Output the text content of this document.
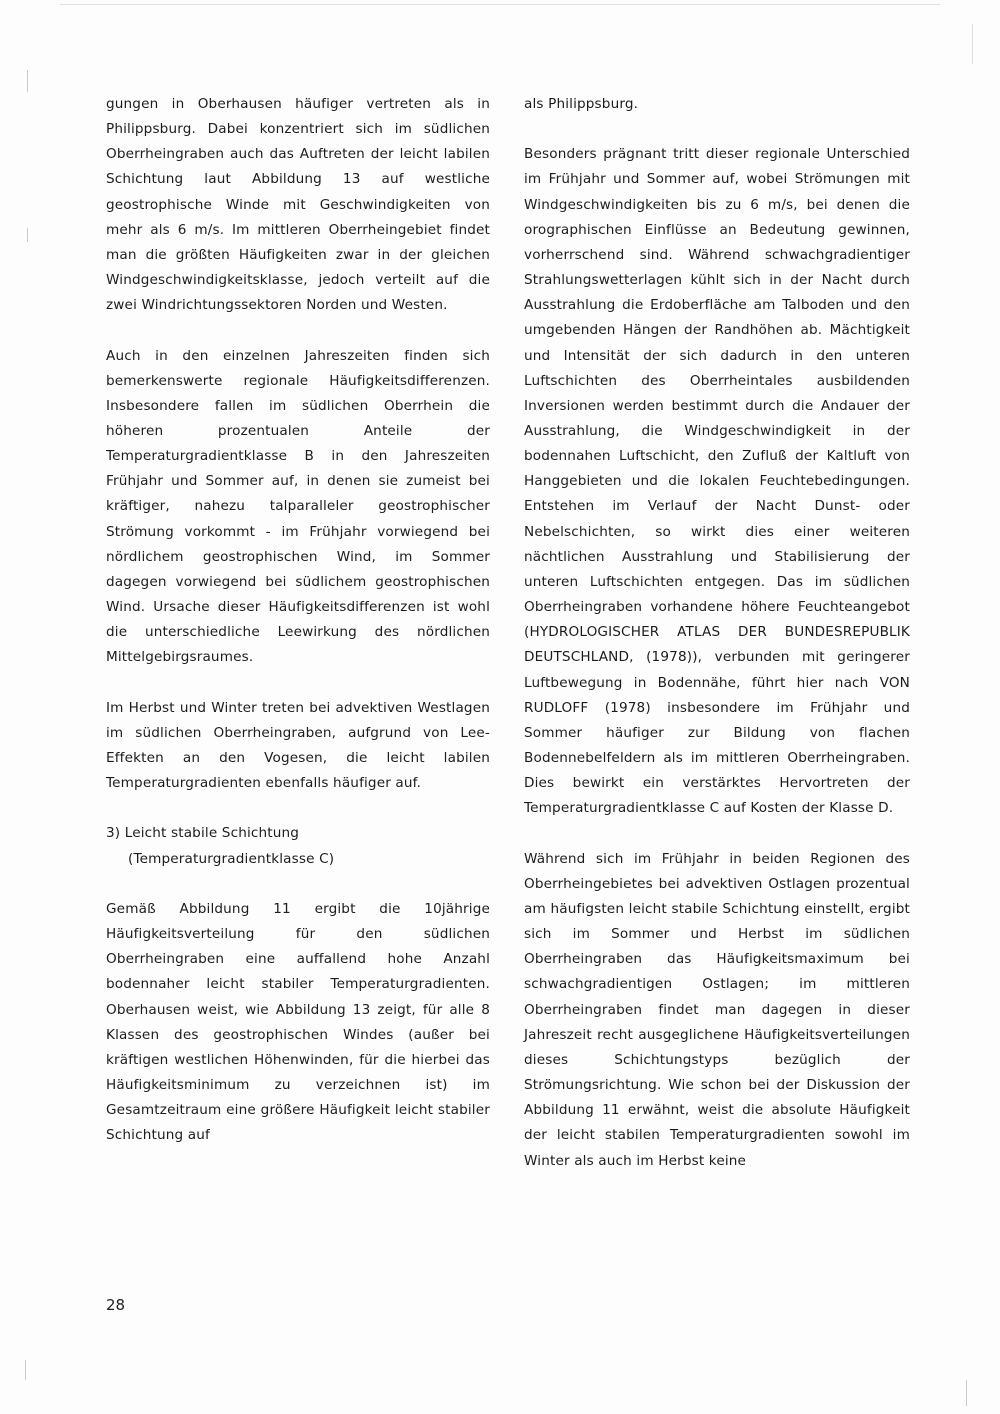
gungen in Oberhausen häufiger vertreten als in Philippsburg. Dabei konzentriert sich im südlichen Oberrheingraben auch das Auftreten der leicht labilen Schichtung laut Abbildung 13 auf westliche geostrophische Winde mit Geschwindigkeiten von mehr als 6 m/s. Im mittleren Oberrheingebiet findet man die größten Häufigkeiten zwar in der gleichen Windgeschwindigkeitsklasse, jedoch verteilt auf die zwei Windrichtungssektoren Norden und Westen.

Auch in den einzelnen Jahreszeiten finden sich bemerkenswerte regionale Häufigkeitsdifferenzen. Insbesondere fallen im südlichen Oberrhein die höheren prozentualen Anteile der Temperaturgradientklasse B in den Jahreszeiten Frühjahr und Sommer auf, in denen sie zumeist bei kräftiger, nahezu talparalleler geostrophischer Strömung vorkommt - im Frühjahr vorwiegend bei nördlichem geostrophischen Wind, im Sommer dagegen vorwiegend bei südlichem geostrophischen Wind. Ursache dieser Häufigkeitsdifferenzen ist wohl die unterschiedliche Leewirkung des nördlichen Mittelgebirgsraumes.

Im Herbst und Winter treten bei advektiven Westlagen im südlichen Oberrheingraben, aufgrund von Lee-Effekten an den Vogesen, die leicht labilen Temperaturgradienten ebenfalls häufiger auf.

3) Leicht stabile Schichtung
(Temperaturgradientklasse C)

Gemäß Abbildung 11 ergibt die 10jährige Häufigkeitsverteilung für den südlichen Oberrheingraben eine auffallend hohe Anzahl bodennaher leicht stabiler Temperaturgradienten. Oberhausen weist, wie Abbildung 13 zeigt, für alle 8 Klassen des geostrophischen Windes (außer bei kräftigen westlichen Höhenwinden, für die hierbei das Häufigkeitsminimum zu verzeichnen ist) im Gesamtzeitraum eine größere Häufigkeit leicht stabiler Schichtung auf

als Philippsburg.

Besonders prägnant tritt dieser regionale Unterschied im Frühjahr und Sommer auf, wobei Strömungen mit Windgeschwindigkeiten bis zu 6 m/s, bei denen die orographischen Einflüsse an Bedeutung gewinnen, vorherrschend sind. Während schwachgradientiger Strahlungswetterlagen kühlt sich in der Nacht durch Ausstrahlung die Erdoberfläche am Talboden und den umgebenden Hängen der Randhöhen ab. Mächtigkeit und Intensität der sich dadurch in den unteren Luftschichten des Oberrheintales ausbildenden Inversionen werden bestimmt durch die Andauer der Ausstrahlung, die Windgeschwindigkeit in der bodennahen Luftschicht, den Zufluß der Kaltluft von Hanggebieten und die lokalen Feuchtebedingungen. Entstehen im Verlauf der Nacht Dunst- oder Nebelschichten, so wirkt dies einer weiteren nächtlichen Ausstrahlung und Stabilisierung der unteren Luftschichten entgegen. Das im südlichen Oberrheingraben vorhandene höhere Feuchteangebot (HYDROLOGISCHER ATLAS DER BUNDESREPUBLIK DEUTSCHLAND, (1978)), verbunden mit geringerer Luftbewegung in Bodennähe, führt hier nach VON RUDLOFF (1978) insbesondere im Frühjahr und Sommer häufiger zur Bildung von flachen Bodennebelfeldern als im mittleren Oberrheingraben. Dies bewirkt ein verstärktes Hervortreten der Temperaturgradientklasse C auf Kosten der Klasse D.

Während sich im Frühjahr in beiden Regionen des Oberrheingebietes bei advektiven Ostlagen prozentual am häufigsten leicht stabile Schichtung einstellt, ergibt sich im Sommer und Herbst im südlichen Oberrheingraben das Häufigkeitsmaximum bei schwachgradientigen Ostlagen; im mittleren Oberrheingraben findet man dagegen in dieser Jahreszeit recht ausgeglichene Häufigkeitsverteilungen dieses Schichtungstyps bezüglich der Strömungsrichtung. Wie schon bei der Diskussion der Abbildung 11 erwähnt, weist die absolute Häufigkeit der leicht stabilen Temperaturgradienten sowohl im Winter als auch im Herbst keine

28
